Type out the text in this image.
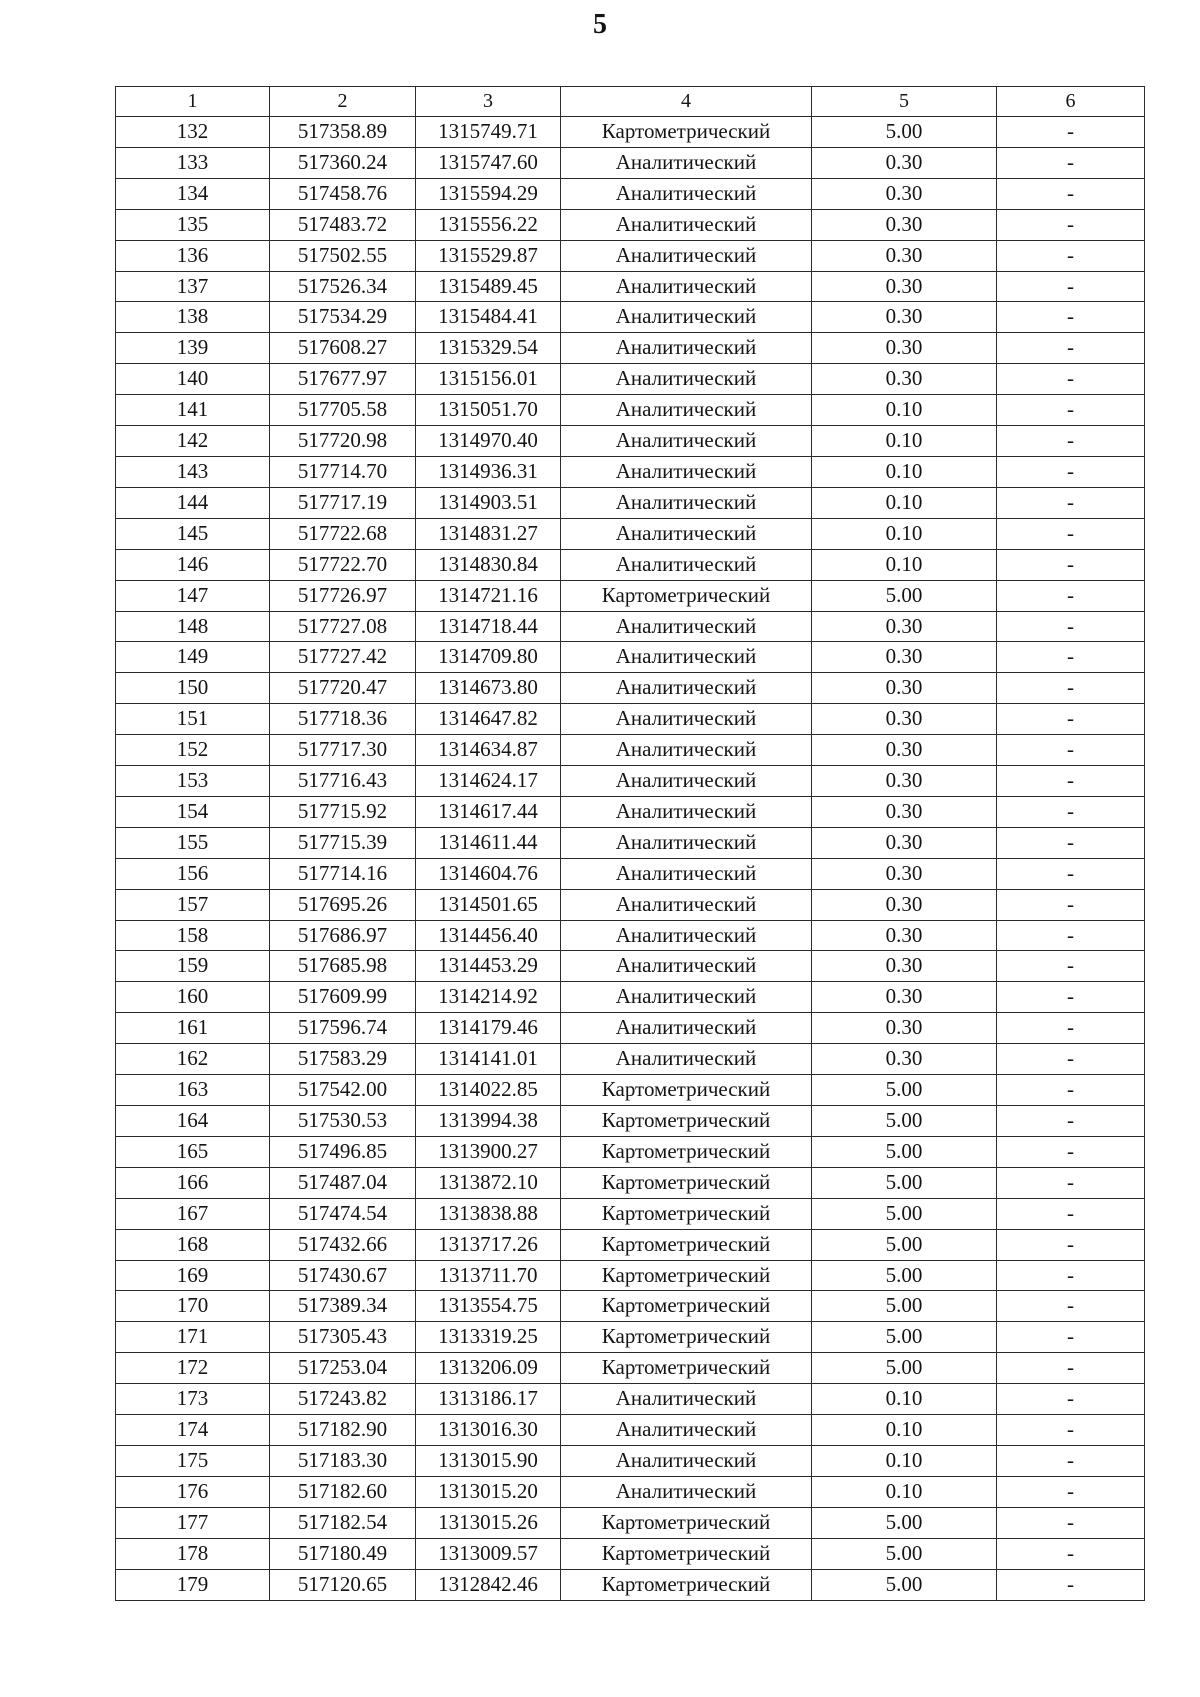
5
1	2	3	4	5	6
132	517358.89	1315749.71	Картометрический	5.00	-
133	517360.24	1315747.60	Аналитический	0.30	-
134	517458.76	1315594.29	Аналитический	0.30	-
135	517483.72	1315556.22	Аналитический	0.30	-
136	517502.55	1315529.87	Аналитический	0.30	-
137	517526.34	1315489.45	Аналитический	0.30	-
138	517534.29	1315484.41	Аналитический	0.30	-
139	517608.27	1315329.54	Аналитический	0.30	-
140	517677.97	1315156.01	Аналитический	0.30	-
141	517705.58	1315051.70	Аналитический	0.10	-
142	517720.98	1314970.40	Аналитический	0.10	-
143	517714.70	1314936.31	Аналитический	0.10	-
144	517717.19	1314903.51	Аналитический	0.10	-
145	517722.68	1314831.27	Аналитический	0.10	-
146	517722.70	1314830.84	Аналитический	0.10	-
147	517726.97	1314721.16	Картометрический	5.00	-
148	517727.08	1314718.44	Аналитический	0.30	-
149	517727.42	1314709.80	Аналитический	0.30	-
150	517720.47	1314673.80	Аналитический	0.30	-
151	517718.36	1314647.82	Аналитический	0.30	-
152	517717.30	1314634.87	Аналитический	0.30	-
153	517716.43	1314624.17	Аналитический	0.30	-
154	517715.92	1314617.44	Аналитический	0.30	-
155	517715.39	1314611.44	Аналитический	0.30	-
156	517714.16	1314604.76	Аналитический	0.30	-
157	517695.26	1314501.65	Аналитический	0.30	-
158	517686.97	1314456.40	Аналитический	0.30	-
159	517685.98	1314453.29	Аналитический	0.30	-
160	517609.99	1314214.92	Аналитический	0.30	-
161	517596.74	1314179.46	Аналитический	0.30	-
162	517583.29	1314141.01	Аналитический	0.30	-
163	517542.00	1314022.85	Картометрический	5.00	-
164	517530.53	1313994.38	Картометрический	5.00	-
165	517496.85	1313900.27	Картометрический	5.00	-
166	517487.04	1313872.10	Картометрический	5.00	-
167	517474.54	1313838.88	Картометрический	5.00	-
168	517432.66	1313717.26	Картометрический	5.00	-
169	517430.67	1313711.70	Картометрический	5.00	-
170	517389.34	1313554.75	Картометрический	5.00	-
171	517305.43	1313319.25	Картометрический	5.00	-
172	517253.04	1313206.09	Картометрический	5.00	-
173	517243.82	1313186.17	Аналитический	0.10	-
174	517182.90	1313016.30	Аналитический	0.10	-
175	517183.30	1313015.90	Аналитический	0.10	-
176	517182.60	1313015.20	Аналитический	0.10	-
177	517182.54	1313015.26	Картометрический	5.00	-
178	517180.49	1313009.57	Картометрический	5.00	-
179	517120.65	1312842.46	Картометрический	5.00	-
